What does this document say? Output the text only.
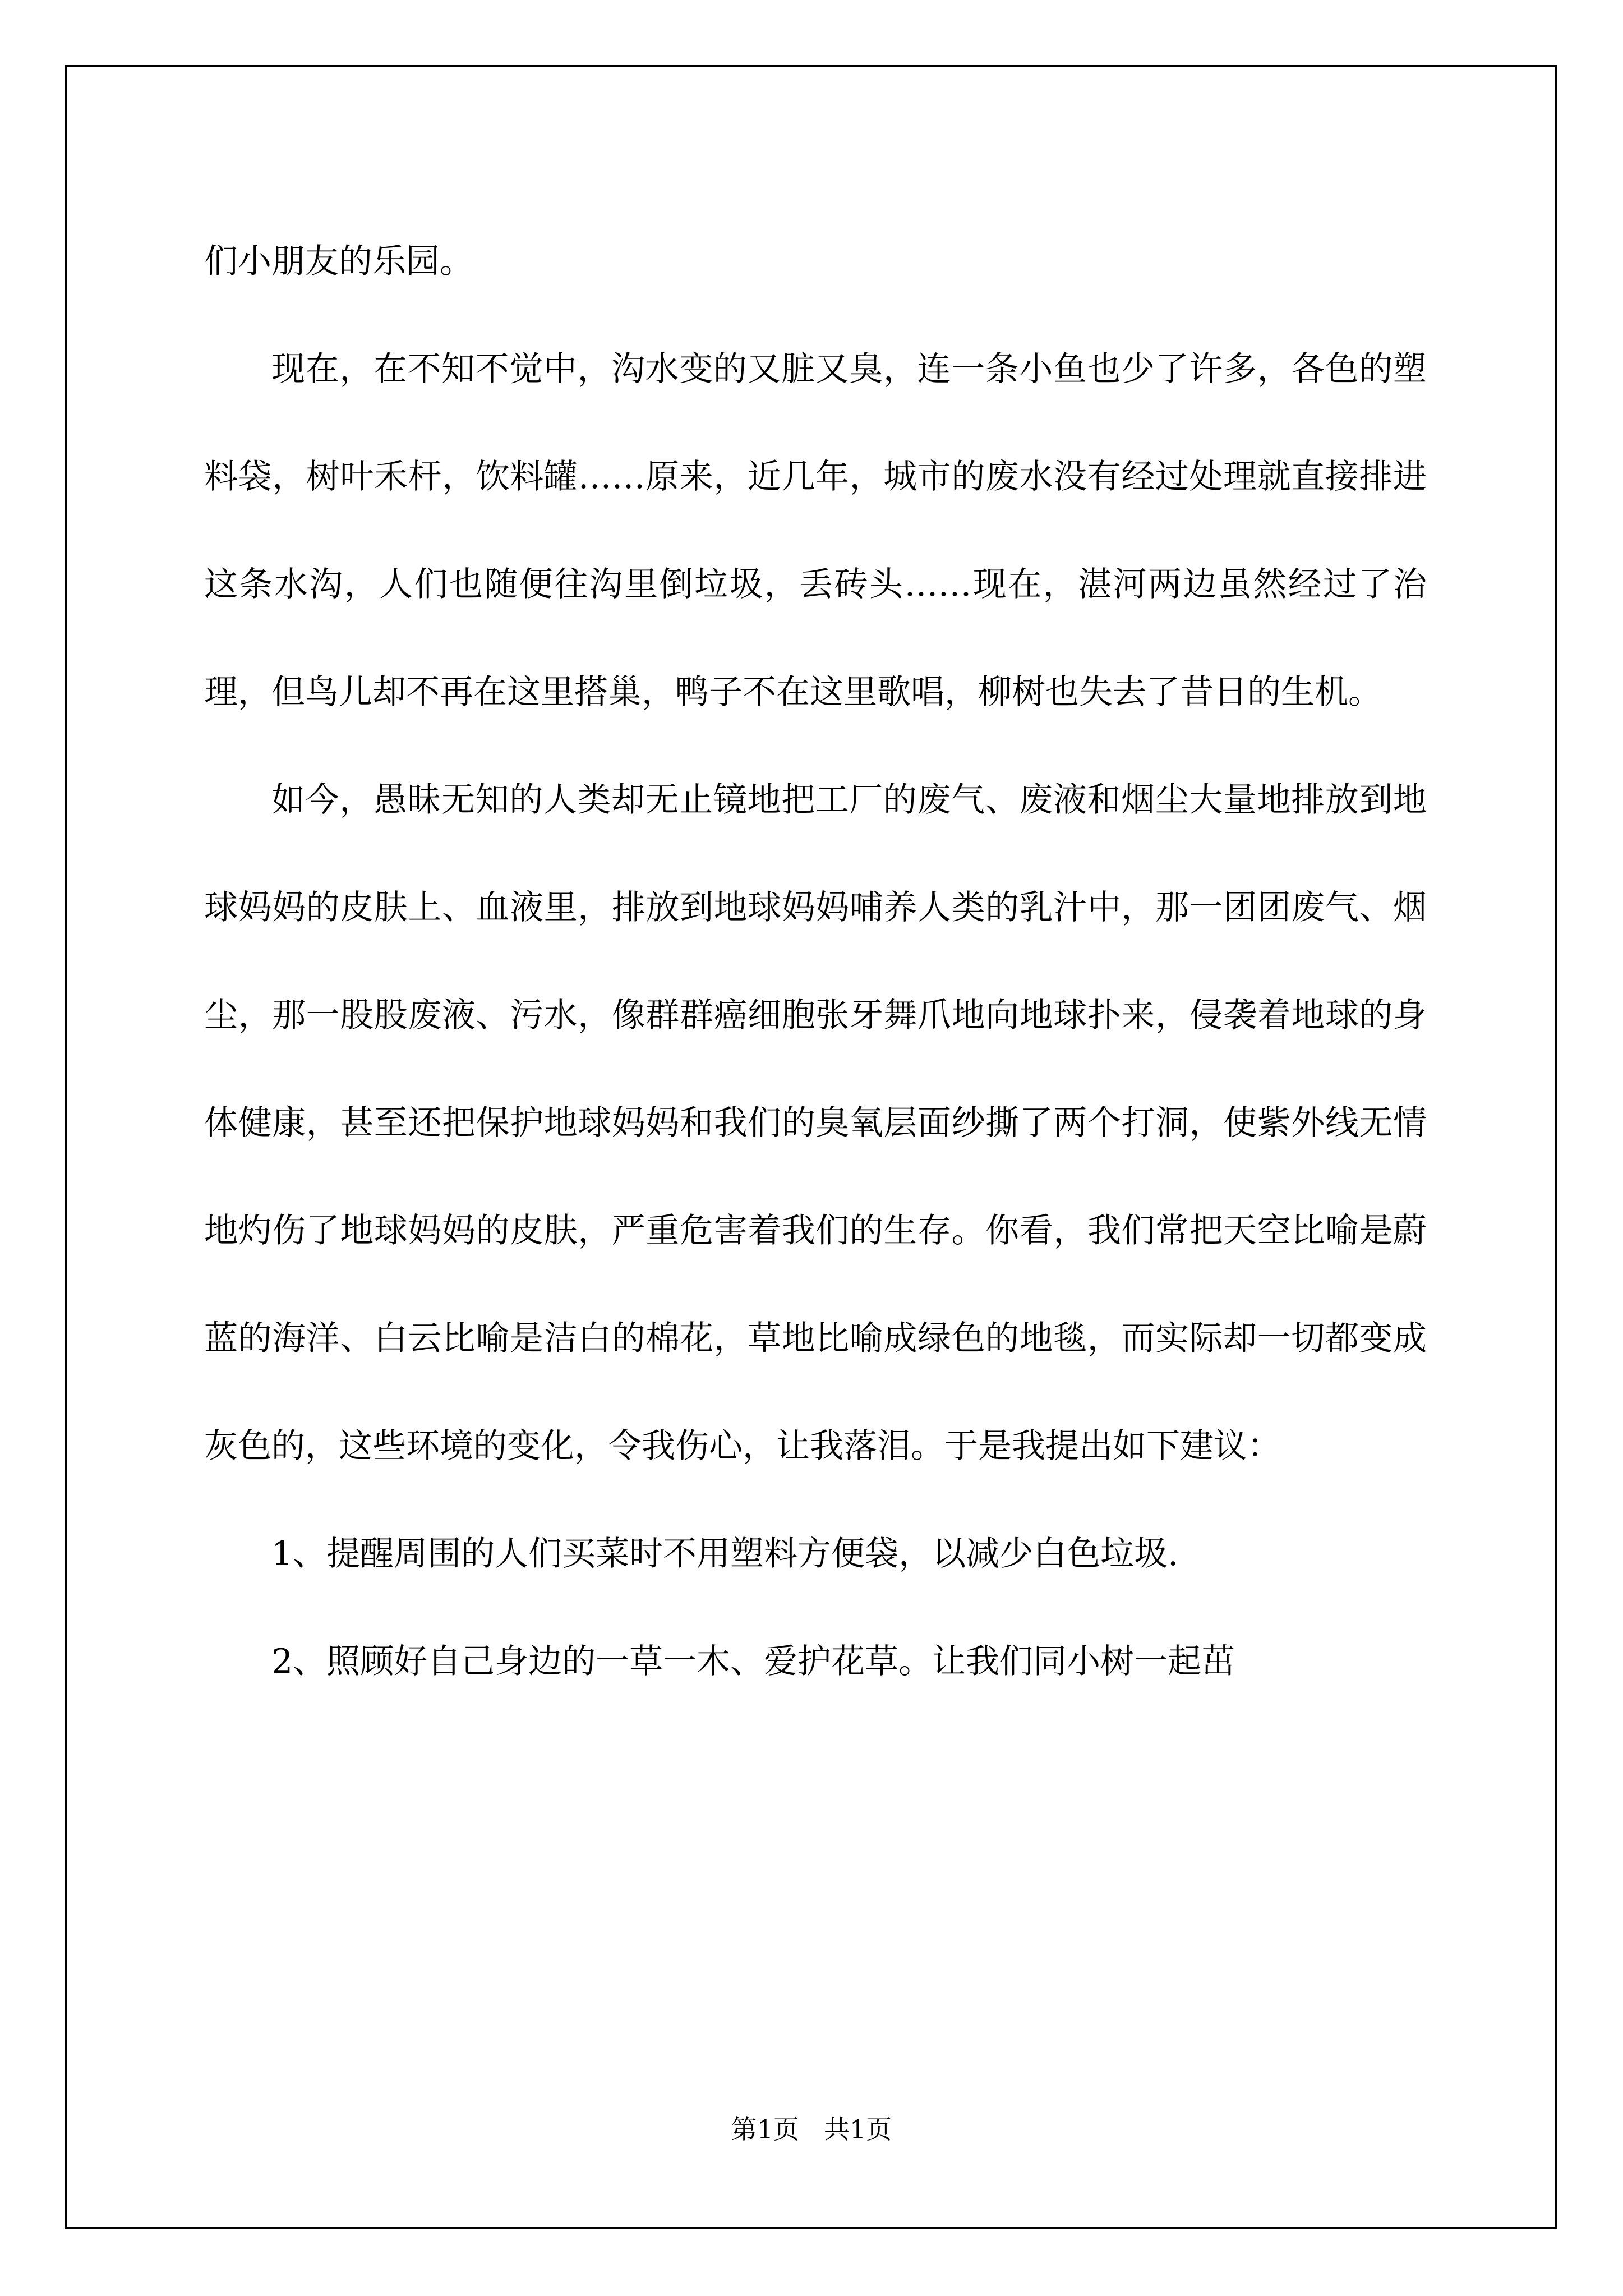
们小朋友的乐园。

现在，在不知不觉中，沟水变的又脏又臭，连一条小鱼也少了许多，各色的塑料袋，树叶禾杆，饮料罐……原来，近几年，城市的废水没有经过处理就直接排进这条水沟，人们也随便往沟里倒垃圾，丢砖头……现在，湛河两边虽然经过了治理，但鸟儿却不再在这里搭巢，鸭子不在这里歌唱，柳树也失去了昔日的生机。

如今，愚昧无知的人类却无止镜地把工厂的废气、废液和烟尘大量地排放到地球妈妈的皮肤上、血液里，排放到地球妈妈哺养人类的乳汁中，那一团团废气、烟尘，那一股股废液、污水，像群群癌细胞张牙舞爪地向地球扑来，侵袭着地球的身体健康，甚至还把保护地球妈妈和我们的臭氧层面纱撕了两个打洞，使紫外线无情地灼伤了地球妈妈的皮肤，严重危害着我们的生存。你看，我们常把天空比喻是蔚蓝的海洋、白云比喻是洁白的棉花，草地比喻成绿色的地毯，而实际却一切都变成灰色的，这些环境的变化，令我伤心，让我落泪。于是我提出如下建议：

1、提醒周围的人们买菜时不用塑料方便袋，以减少白色垃圾.

2、照顾好自己身边的一草一木、爱护花草。让我们同小树一起茁

第1页 共1页
